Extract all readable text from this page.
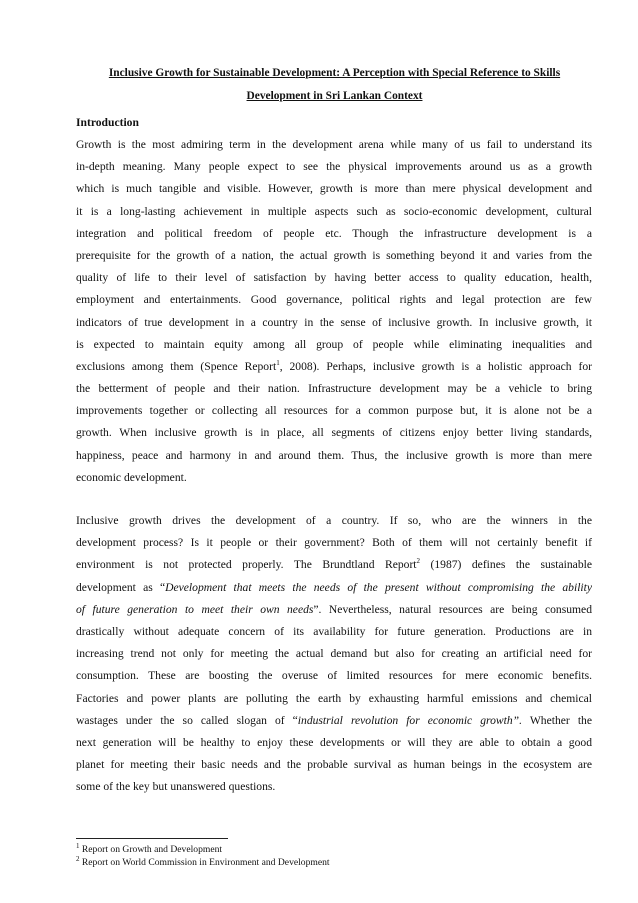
Inclusive Growth for Sustainable Development: A Perception with Special Reference to Skills
Development in Sri Lankan Context
Introduction
Growth is the most admiring term in the development arena while many of us fail to understand its
in-depth meaning. Many people expect to see the physical improvements around us as a growth
which is much tangible and visible. However, growth is more than mere physical development and
it is a long-lasting achievement in multiple aspects such as socio-economic development, cultural
integration and political freedom of people etc. Though the infrastructure development is a
prerequisite for the growth of a nation, the actual growth is something beyond it and varies from the
quality of life to their level of satisfaction by having better access to quality education, health,
employment and entertainments. Good governance, political rights and legal protection are few
indicators of true development in a country in the sense of inclusive growth. In inclusive growth, it
is expected to maintain equity among all group of people while eliminating inequalities and
exclusions among them (Spence Report$^1$, 2008). Perhaps, inclusive growth is a holistic approach for
the betterment of people and their nation. Infrastructure development may be a vehicle to bring
improvements together or collecting all resources for a common purpose but, it is alone not be a
growth. When inclusive growth is in place, all segments of citizens enjoy better living standards,
happiness, peace and harmony in and around them. Thus, the inclusive growth is more than mere
economic development.
Inclusive growth drives the development of a country. If so, who are the winners in the
development process? Is it people or their government? Both of them will not certainly benefit if
environment is not protected properly. The Brundtland Report$^2$ (1987) defines the sustainable
development as “Development that meets the needs of the present without compromising the ability
of future generation to meet their own needs”. Nevertheless, natural resources are being consumed
drastically without adequate concern of its availability for future generation. Productions are in
increasing trend not only for meeting the actual demand but also for creating an artificial need for
consumption. These are boosting the overuse of limited resources for mere economic benefits.
Factories and power plants are polluting the earth by exhausting harmful emissions and chemical
wastages under the so called slogan of “industrial revolution for economic growth”. Whether the
next generation will be healthy to enjoy these developments or will they are able to obtain a good
planet for meeting their basic needs and the probable survival as human beings in the ecosystem are
some of the key but unanswered questions.
$^1$ Report on Growth and Development
$^2$ Report on World Commission in Environment and Development
